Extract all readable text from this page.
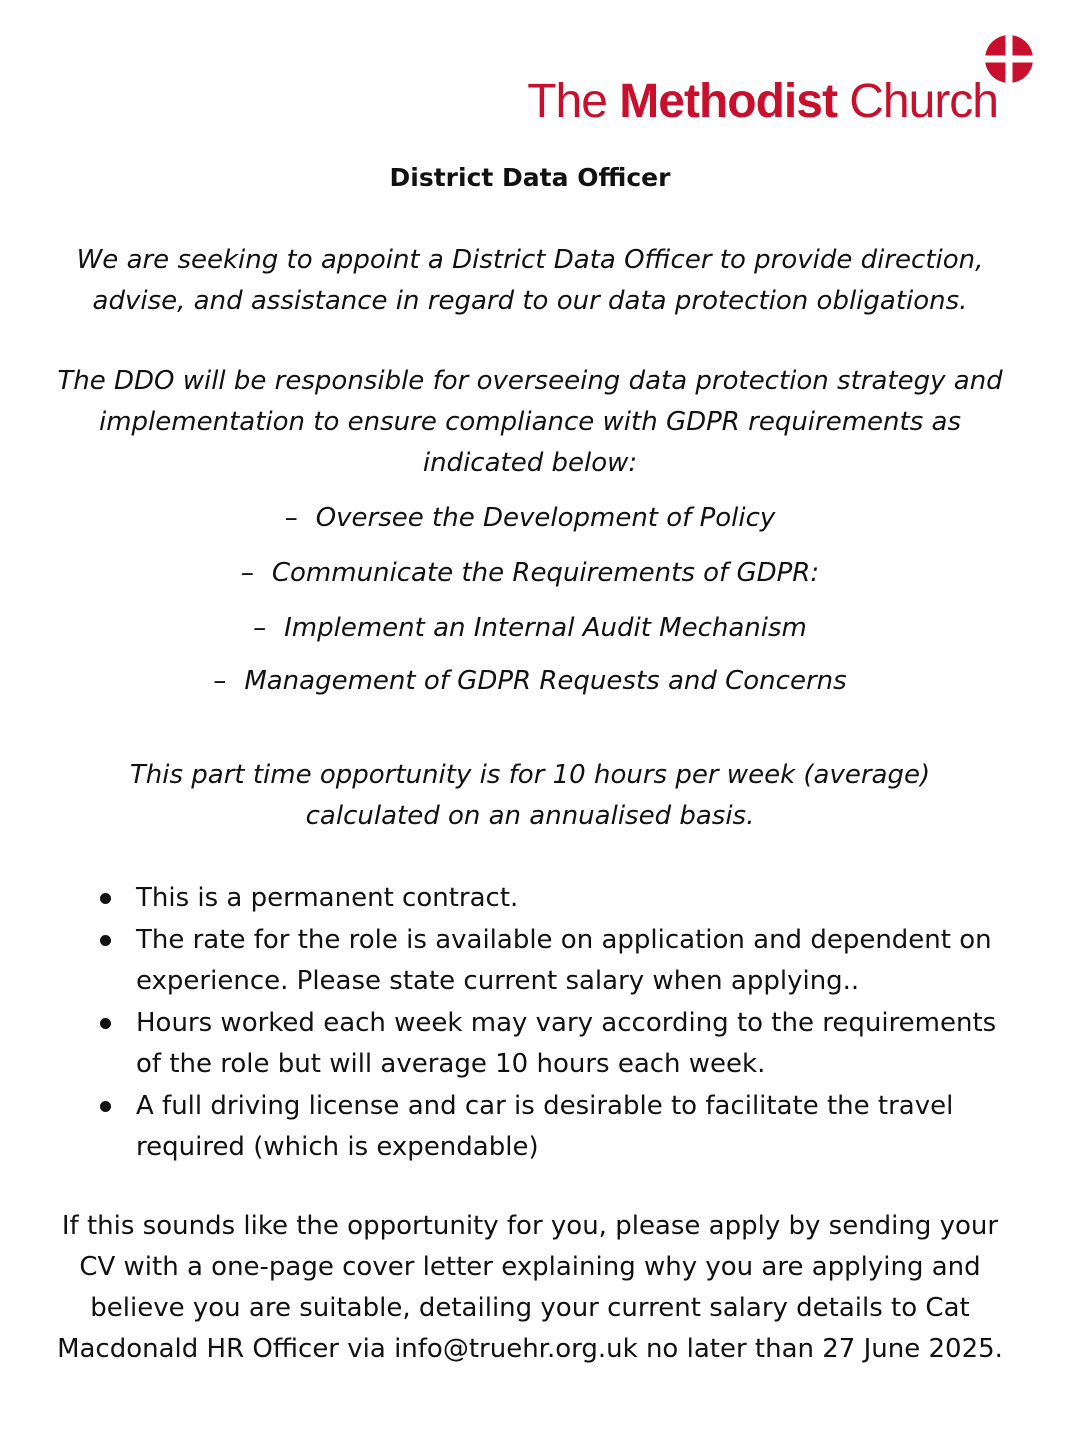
The Methodist Church
District Data Officer

We are seeking to appoint a District Data Officer to provide direction, advise, and assistance in regard to our data protection obligations.

The DDO will be responsible for overseeing data protection strategy and implementation to ensure compliance with GDPR requirements as indicated below:

– Oversee the Development of Policy
– Communicate the Requirements of GDPR:
– Implement an Internal Audit Mechanism
– Management of GDPR Requests and Concerns

This part time opportunity is for 10 hours per week (average) calculated on an annualised basis.

This is a permanent contract.
The rate for the role is available on application and dependent on experience. Please state current salary when applying..
Hours worked each week may vary according to the requirements of the role but will average 10 hours each week.
A full driving license and car is desirable to facilitate the travel required (which is expendable)

If this sounds like the opportunity for you, please apply by sending your CV with a one-page cover letter explaining why you are applying and believe you are suitable, detailing your current salary details to Cat Macdonald HR Officer via info@truehr.org.uk no later than 27 June 2025.
